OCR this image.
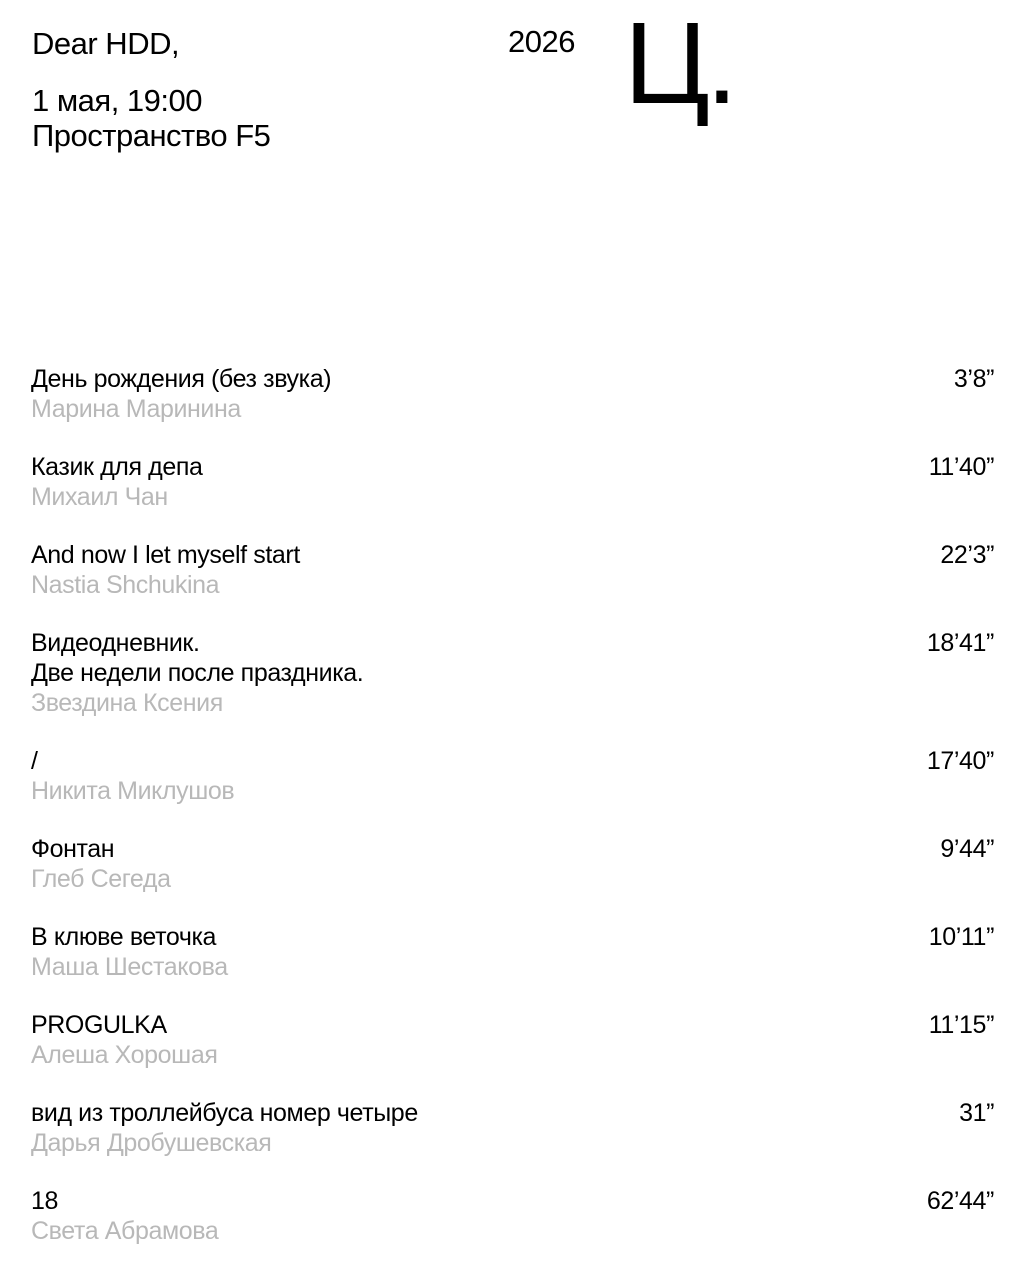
Dear HDD,	2026 Ц.
1 мая, 19:00
Пространство F5
День рождения (без звука)
Марина Маринина
3’8”
Казик для депа
Михаил Чан
11’40”
And now I let myself start
Nastia Shchukina
22’3”
Видеодневник.
Две недели после праздника.
Звездина Ксения
18’41”
/
Никита Миклушов
17’40”
Фонтан
Глеб Сегеда
9’44”
В клюве веточка
Маша Шестакова
10’11”
PROGULKA
Алеша Хорошая
11’15”
вид из троллейбуса номер четыре
Дарья Дробушевская
31”
18
Света Абрамова
62’44”
